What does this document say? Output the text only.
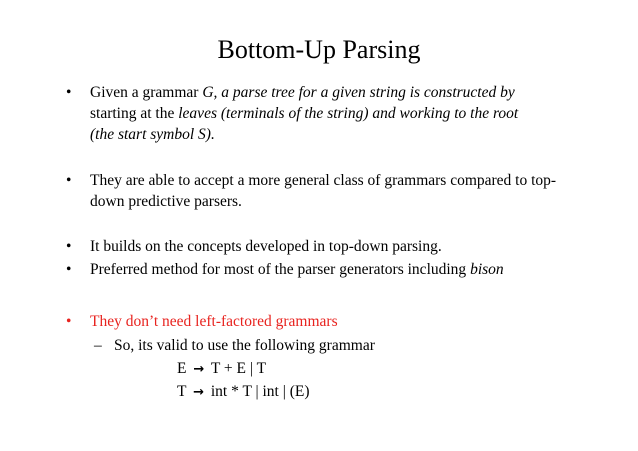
Bottom-Up Parsing
•	Given a grammar G, a parse tree for a given string is constructed by
starting at the leaves (terminals of the string) and working to the root
(the start symbol S).
•	They are able to accept a more general class of grammars compared to top-down predictive parsers.
•	It builds on the concepts developed in top-down parsing.
•	Preferred method for most of the parser generators including bison
•	They don’t need left-factored grammars
– So, its valid to use the following grammar
E → T + E | T
T → int * T | int | (E)
